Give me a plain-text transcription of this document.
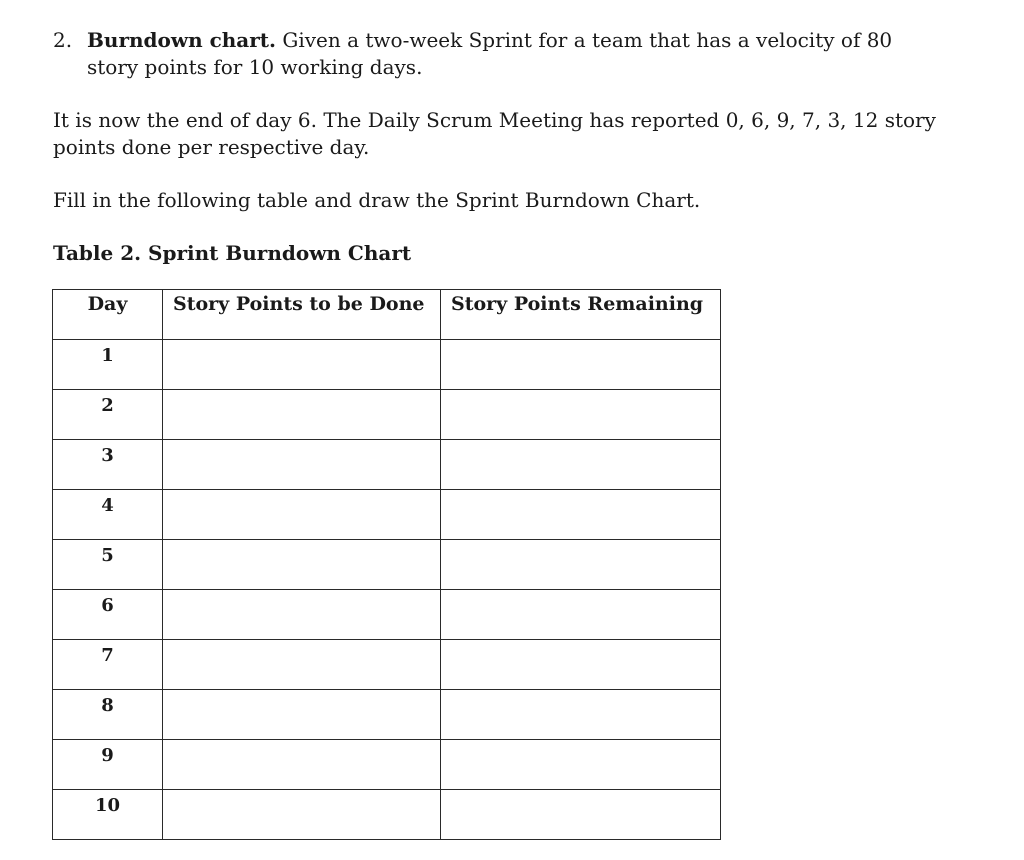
2. Burndown chart. Given a two-week Sprint for a team that has a velocity of 80 story points for 10 working days.
It is now the end of day 6. The Daily Scrum Meeting has reported 0, 6, 9, 7, 3, 12 story points done per respective day.
Fill in the following table and draw the Sprint Burndown Chart.
Table 2. Sprint Burndown Chart
Day	Story Points to be Done	Story Points Remaining
1		
2		
3		
4		
5		
6		
7		
8		
9		
10		
